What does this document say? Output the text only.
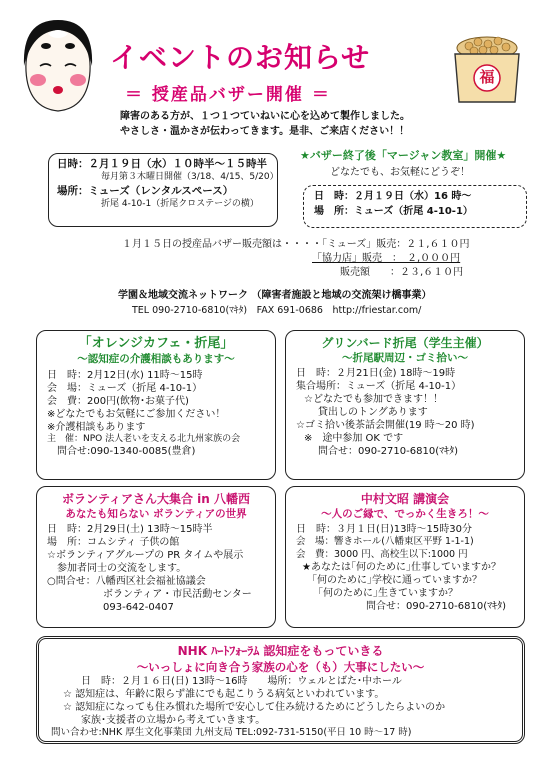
イベントのお知らせ
＝ 授産品バザー開催 ＝
福
障害のある方が、１つ１つていねいに心を込めて製作しました。
やさしさ・温かさが伝わってきます。是非、ご来店ください！！
日時：２月１９日（水）１０時半～１５時半
毎月第３木曜日開催（3/18、4/15、5/20）
場所：ミューズ（レンタルスペース）
折尾 4-10-1（折尾クロステージの横）
★バザー終了後「マージャン教室」開催★
どなたでも、お気軽にどうぞ！
日　時：２月１９日（水）16 時～
場　所：ミューズ（折尾 4-10-1）
１月１５日の授産品バザー販売額は・・・・「ミューズ」販売：２１,６１０円
「協力店」販売　：　２,０００円
販売額　　：２３,６１０円
学園＆地域交流ネットワーク （障害者施設と地域の交流架け橋事業）
TEL 090-2710-6810(ﾏｷﾀ)　FAX 691-0686　http://friestar.com/
「オレンジカフェ・折尾」
～認知症の介護相談もあります～
日　時：2月12日(水) 11時～15時
会　場：ミューズ（折尾 4-10-1）
会　費：200円(飲物･お菓子代)
※どなたでもお気軽にご参加ください！
※介護相談もあります
主　催：NPO 法人老いを支える北九州家族の会
問合せ:090-1340-0085(豊倉)
グリンバード折尾（学生主催）
～折尾駅周辺・ゴミ拾い～
日　時：２月21日(金) 18時～19時
集合場所：ミューズ（折尾 4-10-1）
☆どなたでも参加できます！！
貸出しのトングあります
☆ゴミ拾い後茶話会開催(19 時～20 時)
※　途中参加 OK です
問合せ：090-2710-6810(ﾏｷﾀ)
ボランティアさん大集合 in 八幡西
あなたも知らない ボランティアの世界
日　時：2月29日(土) 13時～15時半
場　所：コムシティ 子供の館
☆ボランティアグループの PR タイムや展示
参加者同士の交流をします。
○問合せ：八幡西区社会福祉協議会
ボランティア・市民活動センター
093-642-0407
中村文昭 講演会
～人のご縁で、でっかく生きろ！～
日　時：３月１日(日)13時～15時30分
会　場：響きホール(八幡東区平野 1-1-1)
会　費：3000 円、高校生以下:1000 円
★あなたは｢何のために｣仕事していますか？
｢何のために｣学校に通っていますか？
｢何のために｣生きていますか？
問合せ：090-2710-6810(ﾏｷﾀ)
NHK ﾊｰﾄﾌｫｰﾗﾑ 認知症をもっていきる
～いっしょに向き合う家族の心を（も）大事にしたい～
日　時：２月１６日(日) 13時～16時　　場所：ウェルとばた･中ホール
☆ 認知症は、年齢に限らず誰にでも起こりうる病気といわれています。
☆ 認知症になっても住み慣れた場所で安心して住み続けるためにどうしたらよいのか
家族･支援者の立場から考えていきます。
問い合わせ:NHK 厚生文化事業団 九州支局 TEL:092-731-5150(平日 10 時～17 時)
